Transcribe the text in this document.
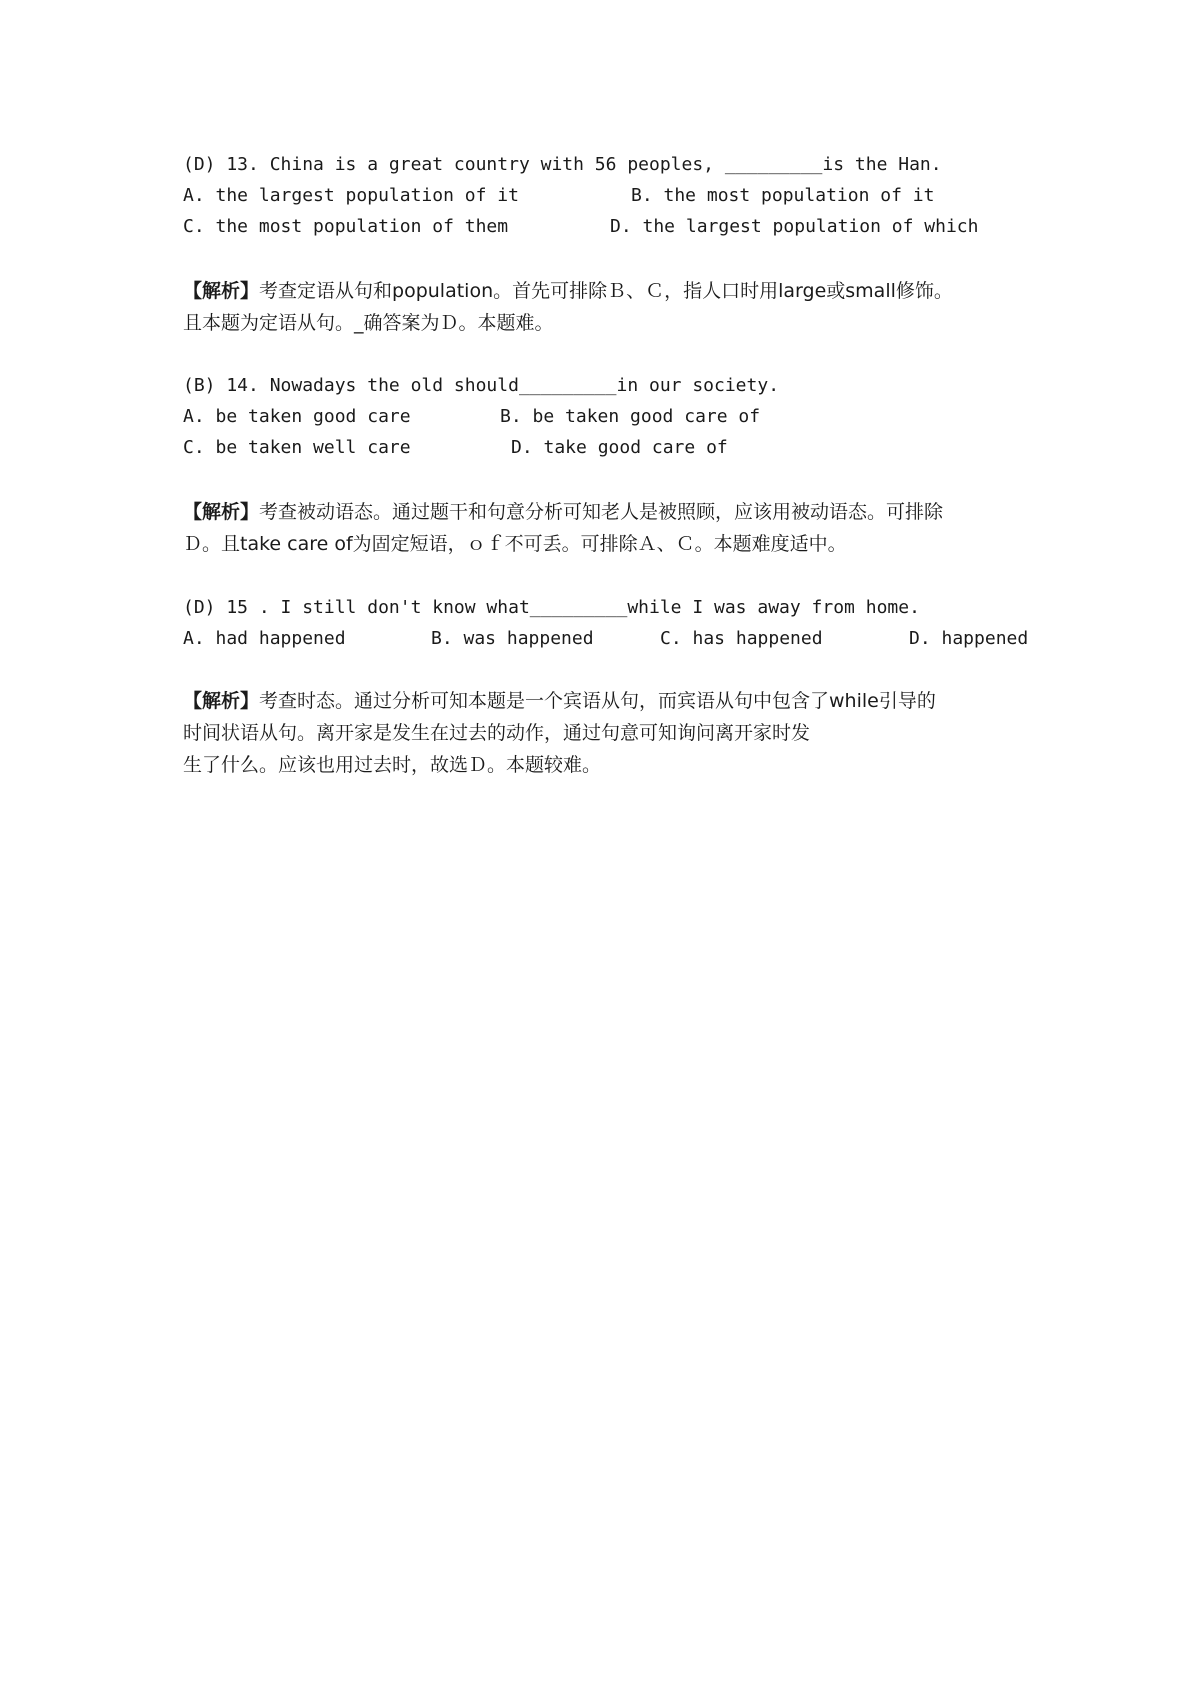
(D) 13. China is a great country with 56 peoples, _________is the Han.
A. the largest population of it	B. the most population of it
C. the most population of them	D. the largest population of which
【解析】考查定语从句和population。首先可排除Ｂ、Ｃ，指人口时用large或small修饰。
且本题为定语从句。_确答案为Ｄ。本题难。
(B) 14. Nowadays the old should_________in our society.
A. be taken good care	B. be taken good care of
C. be taken well care	D. take good care of
【解析】考查被动语态。通过题干和句意分析可知老人是被照顾，应该用被动语态。可排除
Ｄ。且take care of为固定短语，ｏｆ不可丢。可排除Ａ、Ｃ。本题难度适中。
(D) 15 . I still don't know what_________while I was away from home.
A. had happened	B. was happened	C. has happened	D. happened
【解析】考查时态。通过分析可知本题是一个宾语从句，而宾语从句中包含了while引导的
时间状语从句。离开家是发生在过去的动作，通过句意可知询问离开家时发
生了什么。应该也用过去时，故选Ｄ。本题较难。
